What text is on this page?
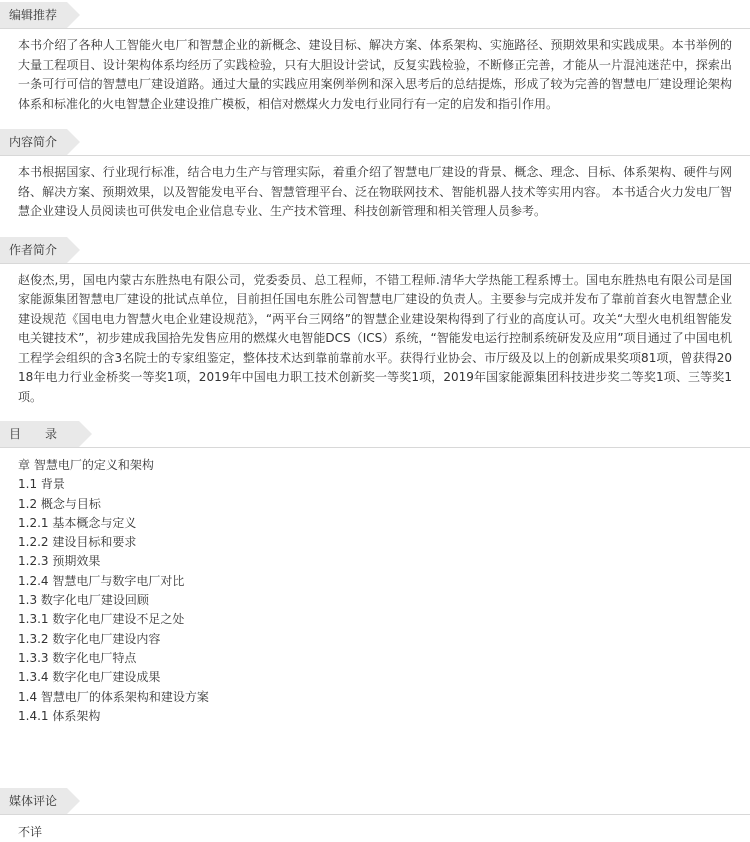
编辑推荐

本书介绍了各种人工智能火电厂和智慧企业的新概念、建设目标、解决方案、体系架构、实施路径、预期效果和实践成果。本书举例的大量工程项目、设计架构体系均经历了实践检验，只有大胆设计尝试，反复实践检验，不断修正完善，才能从一片混沌迷茫中，探索出一条可行可信的智慧电厂建设道路。通过大量的实践应用案例举例和深入思考后的总结提炼，形成了较为完善的智慧电厂建设理论架构体系和标准化的火电智慧企业建设推广模板，相信对燃煤火力发电行业同行有一定的启发和指引作用。

内容简介

本书根据国家、行业现行标准，结合电力生产与管理实际，着重介绍了智慧电厂建设的背景、概念、理念、目标、体系架构、硬件与网络、解决方案、预期效果，以及智能发电平台、智慧管理平台、泛在物联网技术、智能机器人技术等实用内容。 本书适合火力发电厂智慧企业建设人员阅读也可供发电企业信息专业、生产技术管理、科技创新管理和相关管理人员参考。

作者简介

赵俊杰,男，国电内蒙古东胜热电有限公司，党委委员、总工程师，不错工程师.清华大学热能工程系博士。国电东胜热电有限公司是国家能源集团智慧电厂建设的批试点单位，目前担任国电东胜公司智慧电厂建设的负责人。主要参与完成并发布了靠前首套火电智慧企业建设规范《国电电力智慧火电企业建设规范》，“两平台三网络”的智慧企业建设架构得到了行业的高度认可。攻关“大型火电机组智能发电关键技术”，初步建成我国拾先发售应用的燃煤火电智能DCS（ICS）系统，“智能发电运行控制系统研发及应用”项目通过了中国电机工程学会组织的含3名院士的专家组鉴定，整体技术达到靠前靠前水平。获得行业协会、市厅级及以上的创新成果奖项81项，曾获得2018年电力行业金桥奖一等奖1项，2019年中国电力职工技术创新奖一等奖1项，2019年国家能源集团科技进步奖二等奖1项、三等奖1项。

目　　录
章 智慧电厂的定义和架构
1.1 背景
1.2 概念与目标
1.2.1 基本概念与定义
1.2.2 建设目标和要求
1.2.3 预期效果
1.2.4 智慧电厂与数字电厂对比
1.3 数字化电厂建设回顾
1.3.1 数字化电厂建设不足之处
1.3.2 数字化电厂建设内容
1.3.3 数字化电厂特点
1.3.4 数字化电厂建设成果
1.4 智慧电厂的体系架构和建设方案
1.4.1 体系架构
媒体评论

不详
